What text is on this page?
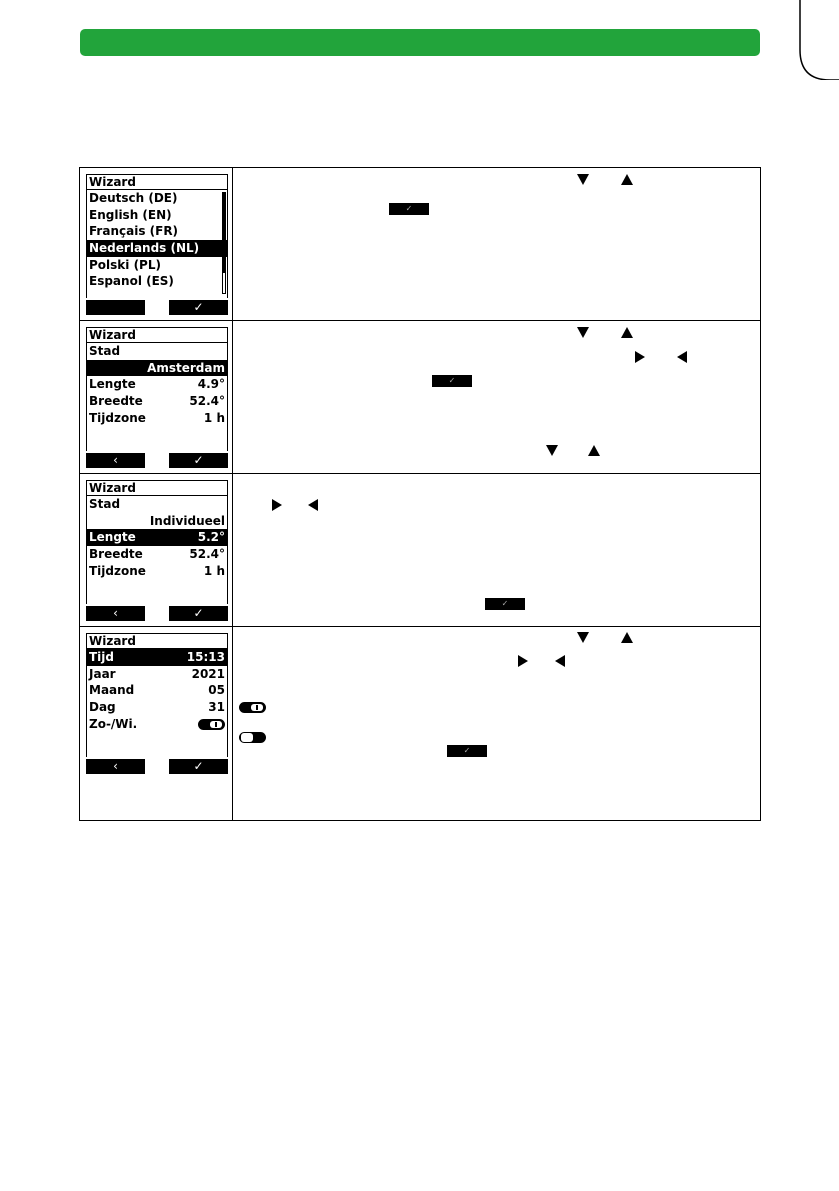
Wizard
Deutsch (DE)
English (EN)
Français (FR)
Nederlands (NL)
Polski (PL)
Espanol (ES)
✓
✓
Wizard
Stad
Amsterdam
Lengte	4.9°
Breedte	52.4°
Tijdzone	1 h
‹	✓
✓
Wizard
Stad
Individueel
Lengte	5.2°
Breedte	52.4°
Tijdzone	1 h
‹	✓
✓
Wizard
Tijd	15:13
Jaar	2021
Maand	05
Dag	31
Zo-/Wi.
‹	✓
✓
